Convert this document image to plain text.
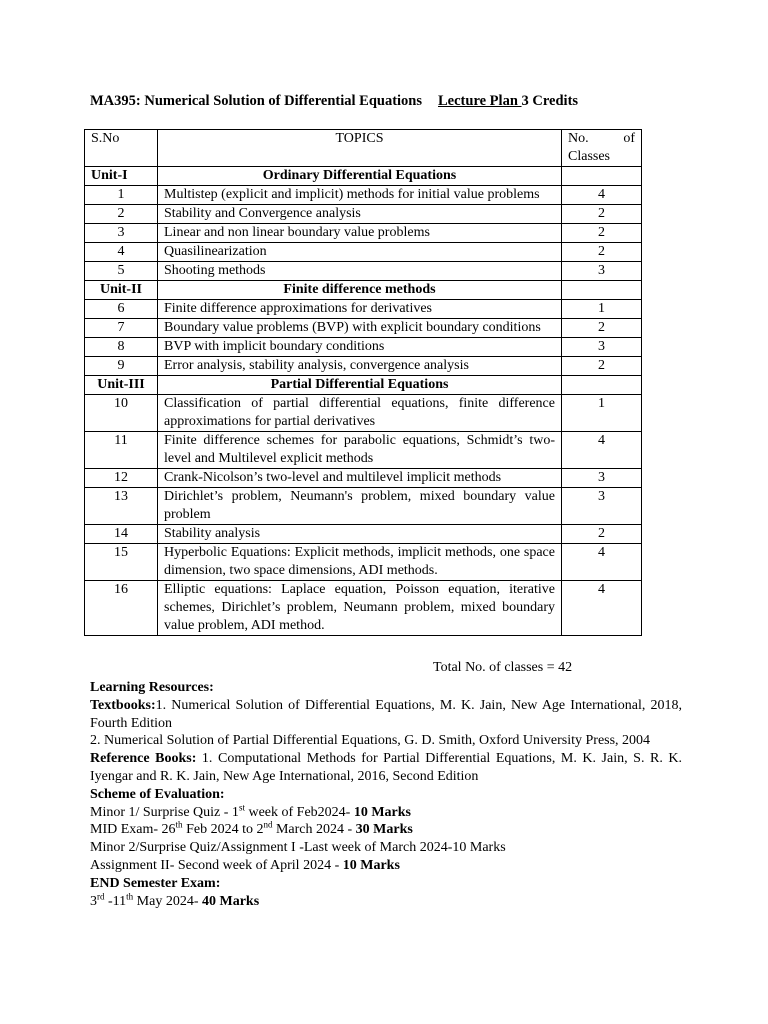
MA395: Numerical Solution of Differential Equations Lecture Plan 3 Credits
S.No	TOPICS	No. of
Classes

Unit-I	Ordinary Differential Equations	
1	Multistep (explicit and implicit) methods for initial value problems	4
2	Stability and Convergence analysis	2
3	Linear and non linear boundary value problems	2
4	Quasilinearization	2
5	Shooting methods	3
Unit-II	Finite difference methods	
6	Finite difference approximations for derivatives	1
7	Boundary value problems (BVP) with explicit boundary conditions	2
8	BVP with implicit boundary conditions	3
9	Error analysis, stability analysis, convergence analysis	2
Unit-III	Partial Differential Equations	
10	Classification of partial differential equations, finite difference approximations for partial derivatives	1
11	Finite difference schemes for parabolic equations, Schmidt’s two-level and Multilevel explicit methods	4
12	Crank-Nicolson’s two-level and multilevel implicit methods	3
13	Dirichlet’s problem, Neumann's problem, mixed boundary value problem	3
14	Stability analysis	2
15	Hyperbolic Equations: Explicit methods, implicit methods, one space dimension, two space dimensions, ADI methods.	4
16	Elliptic equations: Laplace equation, Poisson equation, iterative schemes, Dirichlet’s problem, Neumann problem, mixed boundary value problem, ADI method.	4
Total No. of classes = 42

Learning Resources:

Textbooks:1. Numerical Solution of Differential Equations, M. K. Jain, New Age International, 2018, Fourth Edition

2. Numerical Solution of Partial Differential Equations, G. D. Smith, Oxford University Press, 2004

Reference Books: 1. Computational Methods for Partial Differential Equations, M. K. Jain, S. R. K. Iyengar and R. K. Jain, New Age International, 2016, Second Edition

Scheme of Evaluation:

Minor 1/ Surprise Quiz - 1st week of Feb2024- 10 Marks

MID Exam- 26th Feb 2024 to 2nd March 2024 - 30 Marks

Minor 2/Surprise Quiz/Assignment I -Last week of March 2024-10 Marks

Assignment II- Second week of April 2024 - 10 Marks

END Semester Exam:

3rd -11th May 2024- 40 Marks
